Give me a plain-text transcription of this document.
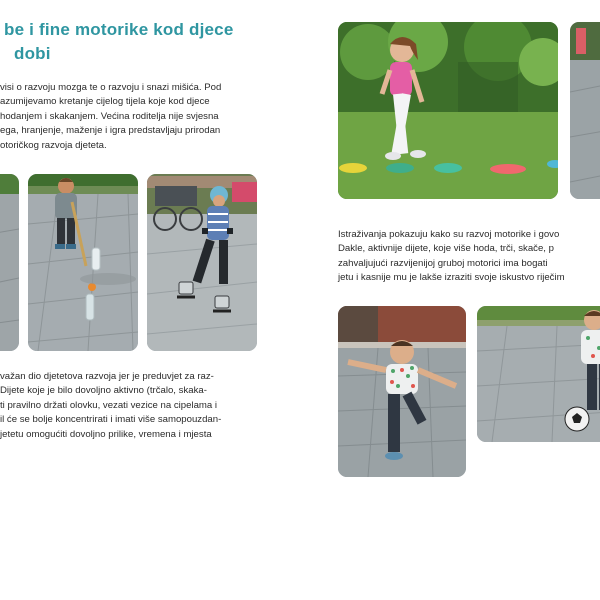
be i fine motorike kod djece
dobi
visi o razvoju mozga te o razvoju i snazi mišića. Pod
azumijevamo kretanje cijelog tijela koje kod djece
hodanjem i skakanjem. Većina roditelja nije svjesna
ega, hranjenje, maženje i igra predstavljaju prirodan
otoričkog razvoja djeteta.
važan dio djetetova razvoja jer je preduvjet za raz-
Dijete koje je bilo dovoljno aktivno (trčalo, skaka-
ti pravilno držati olovku, vezati vezice na cipelama i
il će se bolje koncentrirati i imati više samopouzdan-
jetetu omogućiti dovoljno prilike, vremena i mjesta
Istraživanja pokazuju kako su razvoj motorike i govo
Dakle, aktivnije dijete, koje više hoda, trči, skače, p
zahvaljujući razvijenijoj gruboj motorici ima bogati
jetu i kasnije mu je lakše izraziti svoje iskustvo riječim
